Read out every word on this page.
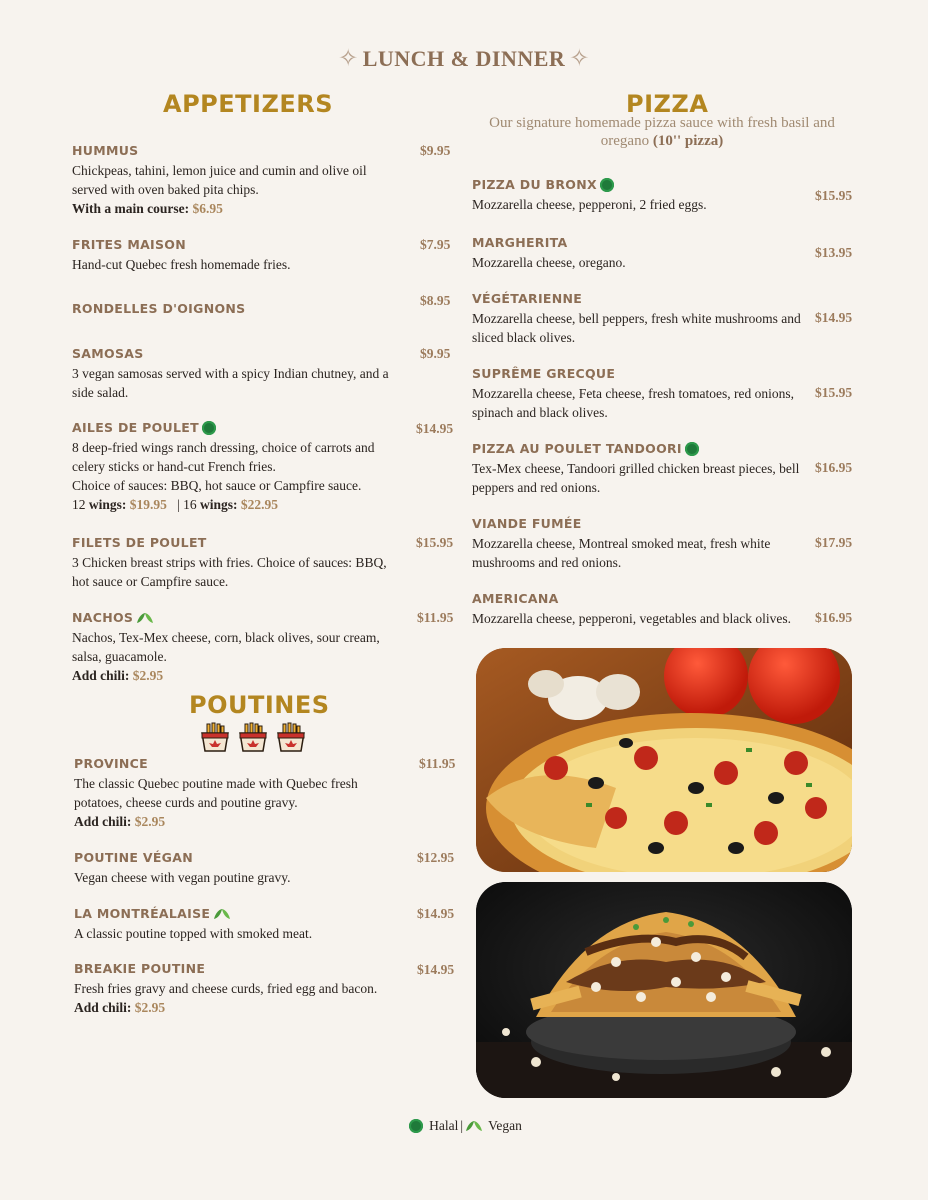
✧ LUNCH & DINNER ✧
APPETIZERS
HUMMUS
Chickpeas, tahini, lemon juice and cumin and olive oil served with oven baked pita chips.
With a main course: $6.95
$9.95
FRITES MAISON
Hand-cut Quebec fresh homemade fries.
$7.95
RONDELLES D'OIGNONS
$8.95
SAMOSAS
3 vegan samosas served with a spicy Indian chutney, and a side salad.
$9.95
AILES DE POULET
8 deep-fried wings ranch dressing, choice of carrots and celery sticks or hand-cut French fries.
Choice of sauces: BBQ, hot sauce or Campfire sauce.
12 wings: $19.95 | 16 wings: $22.95
$14.95
FILETS DE POULET
3 Chicken breast strips with fries. Choice of sauces: BBQ, hot sauce or Campfire sauce.
$15.95
NACHOS
Nachos, Tex-Mex cheese, corn, black olives, sour cream, salsa, guacamole.
Add chili: $2.95
$11.95
POUTINES
PROVINCE
The classic Quebec poutine made with Quebec fresh potatoes, cheese curds and poutine gravy.
Add chili: $2.95
$11.95
POUTINE VÉGAN
Vegan cheese with vegan poutine gravy.
$12.95
LA MONTRÉALAISE
A classic poutine topped with smoked meat.
$14.95
BREAKIE POUTINE
Fresh fries gravy and cheese curds, fried egg and bacon.
Add chili: $2.95
$14.95
PIZZA
Our signature homemade pizza sauce with fresh basil and oregano (10'' pizza)
PIZZA DU BRONX
Mozzarella cheese, pepperoni, 2 fried eggs.
$15.95
MARGHERITA
Mozzarella cheese, oregano.
$13.95
VÉGÉTARIENNE
Mozzarella cheese, bell peppers, fresh white mushrooms and sliced black olives.
$14.95
SUPRÊME GRECQUE
Mozzarella cheese, Feta cheese, fresh tomatoes, red onions, spinach and black olives.
$15.95
PIZZA AU POULET TANDOORI
Tex-Mex cheese, Tandoori grilled chicken breast pieces, bell peppers and red onions.
$16.95
VIANDE FUMÉE
Mozzarella cheese, Montreal smoked meat, fresh white mushrooms and red onions.
$17.95
AMERICANA
Mozzarella cheese, pepperoni, vegetables and black olives.	$16.95
Halal | Vegan
